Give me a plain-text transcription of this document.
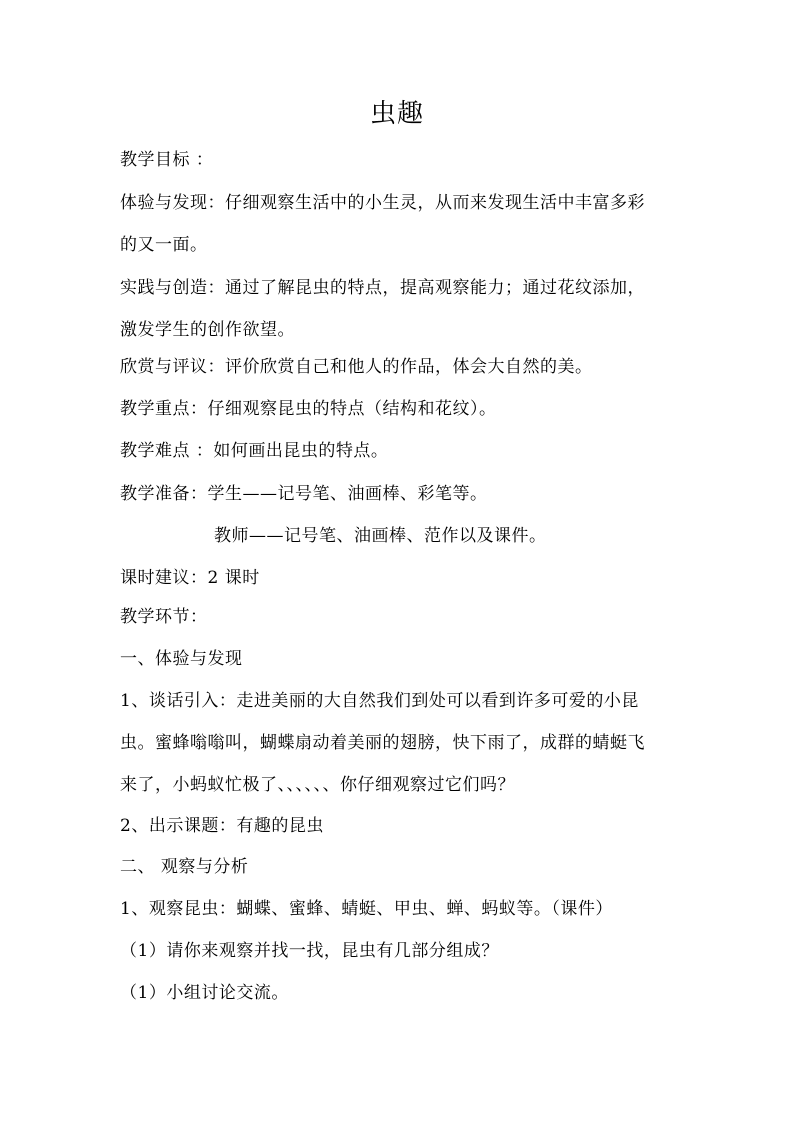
虫趣
教学目标 ：
体验与发现：仔细观察生活中的小生灵，从而来发现生活中丰富多彩
的又一面。
实践与创造：通过了解昆虫的特点，提高观察能力；通过花纹添加，
激发学生的创作欲望。
欣赏与评议：评价欣赏自己和他人的作品，体会大自然的美。
教学重点：仔细观察昆虫的特点（结构和花纹）。
教学难点 ：如何画出昆虫的特点。
教学准备：学生——记号笔、油画棒、彩笔等。
教师——记号笔、油画棒、范作以及课件。
课时建议：2 课时
教学环节：
一、体验与发现
1、谈话引入：走进美丽的大自然我们到处可以看到许多可爱的小昆
虫。蜜蜂嗡嗡叫，蝴蝶扇动着美丽的翅膀，快下雨了，成群的蜻蜓飞
来了，小蚂蚁忙极了、、、、、、你仔细观察过它们吗？
2、出示课题：有趣的昆虫
二、 观察与分析
1、观察昆虫：蝴蝶、蜜蜂、蜻蜓、甲虫、蝉、蚂蚁等。（课件）
（1）请你来观察并找一找，昆虫有几部分组成？
（1）小组讨论交流。
